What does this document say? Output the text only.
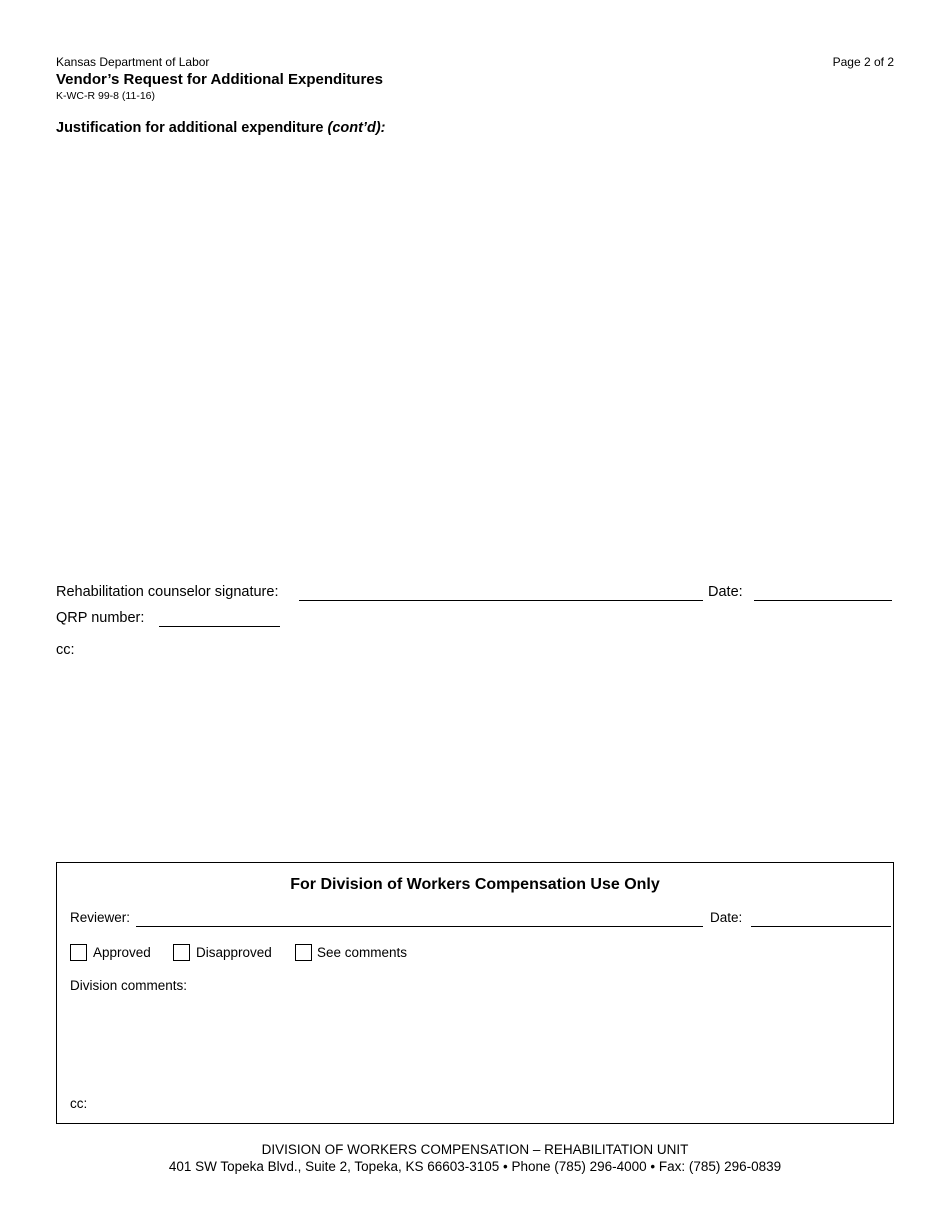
Kansas Department of Labor
Vendor’s Request for Additional Expenditures
K-WC-R 99-8 (11-16)
Page 2 of 2
Justification for additional expenditure (cont’d):
Rehabilitation counselor signature:	Date:
QRP number:
cc:
For Division of Workers Compensation Use Only
Reviewer:	Date:
Approved	Disapproved	See comments
Division comments:
cc:
DIVISION OF WORKERS COMPENSATION – REHABILITATION UNIT
401 SW Topeka Blvd., Suite 2, Topeka, KS 66603-3105 • Phone (785) 296-4000 • Fax: (785) 296-0839
